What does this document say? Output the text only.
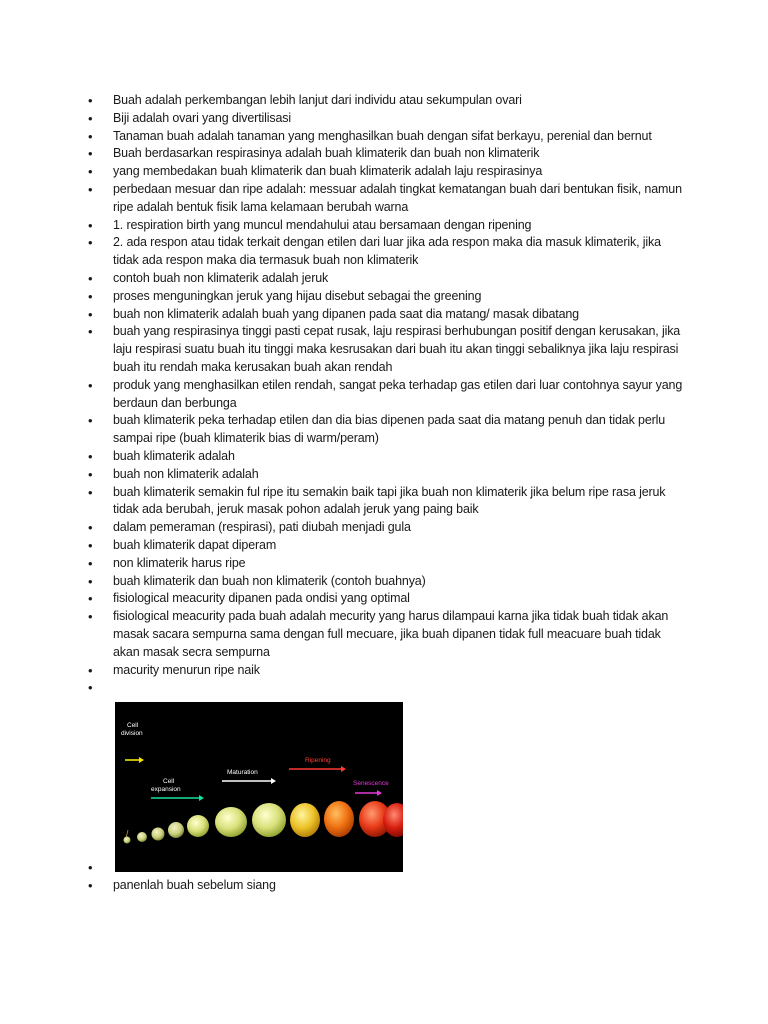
• Buah adalah perkembangan lebih lanjut dari individu atau sekumpulan ovari
• Biji adalah ovari yang divertilisasi
• Tanaman buah adalah tanaman yang menghasilkan buah dengan sifat berkayu, perenial dan bernut
• Buah berdasarkan respirasinya adalah buah klimaterik dan buah non klimaterik
• yang membedakan buah klimaterik dan buah klimaterik adalah laju respirasinya
• perbedaan mesuar dan ripe adalah: messuar adalah tingkat kematangan buah dari bentukan fisik, namun ripe adalah bentuk fisik lama kelamaan berubah warna
• 1. respiration birth yang muncul mendahului atau bersamaan dengan ripening
• 2. ada respon atau tidak terkait dengan etilen dari luar jika ada respon maka dia masuk klimaterik, jika tidak ada respon maka dia termasuk buah non klimaterik
• contoh buah non klimaterik adalah jeruk
• proses menguningkan jeruk yang hijau disebut sebagai the greening
• buah non klimaterik adalah buah yang dipanen pada saat dia matang/ masak dibatang
• buah yang respirasinya tinggi pasti cepat rusak, laju respirasi berhubungan positif dengan kerusakan, jika laju respirasi suatu buah itu tinggi maka kesrusakan dari buah itu akan tinggi sebaliknya jika laju respirasi buah itu rendah maka kerusakan buah akan rendah
• produk yang menghasilkan etilen rendah, sangat peka terhadap gas etilen dari luar contohnya sayur yang berdaun dan berbunga
• buah klimaterik peka terhadap etilen dan dia bias dipenen pada saat dia matang penuh dan tidak perlu sampai ripe (buah klimaterik bias di warm/peram)
• buah klimaterik adalah
• buah non klimaterik adalah
• buah klimaterik semakin ful ripe itu semakin baik tapi jika buah non klimaterik jika belum ripe rasa jeruk tidak ada berubah, jeruk masak pohon adalah jeruk yang paing baik
• dalam pemeraman (respirasi), pati diubah menjadi gula
• buah klimaterik dapat diperam
• non klimaterik harus ripe
• buah klimaterik dan buah non klimaterik (contoh buahnya)
• fisiological meacurity dipanen pada ondisi yang optimal
• fisiological meacurity pada buah adalah mecurity yang harus dilampaui karna jika tidak buah tidak akan masak sacara sempurna sama dengan full mecuare, jika buah dipanen tidak full meacuare buah tidak akan masak secra sempurna
• macurity menurun ripe naik
•
•
• panenlah buah sebelum siang
Cell
division
Cell
expansion
Maturation
Ripening
Senescence
